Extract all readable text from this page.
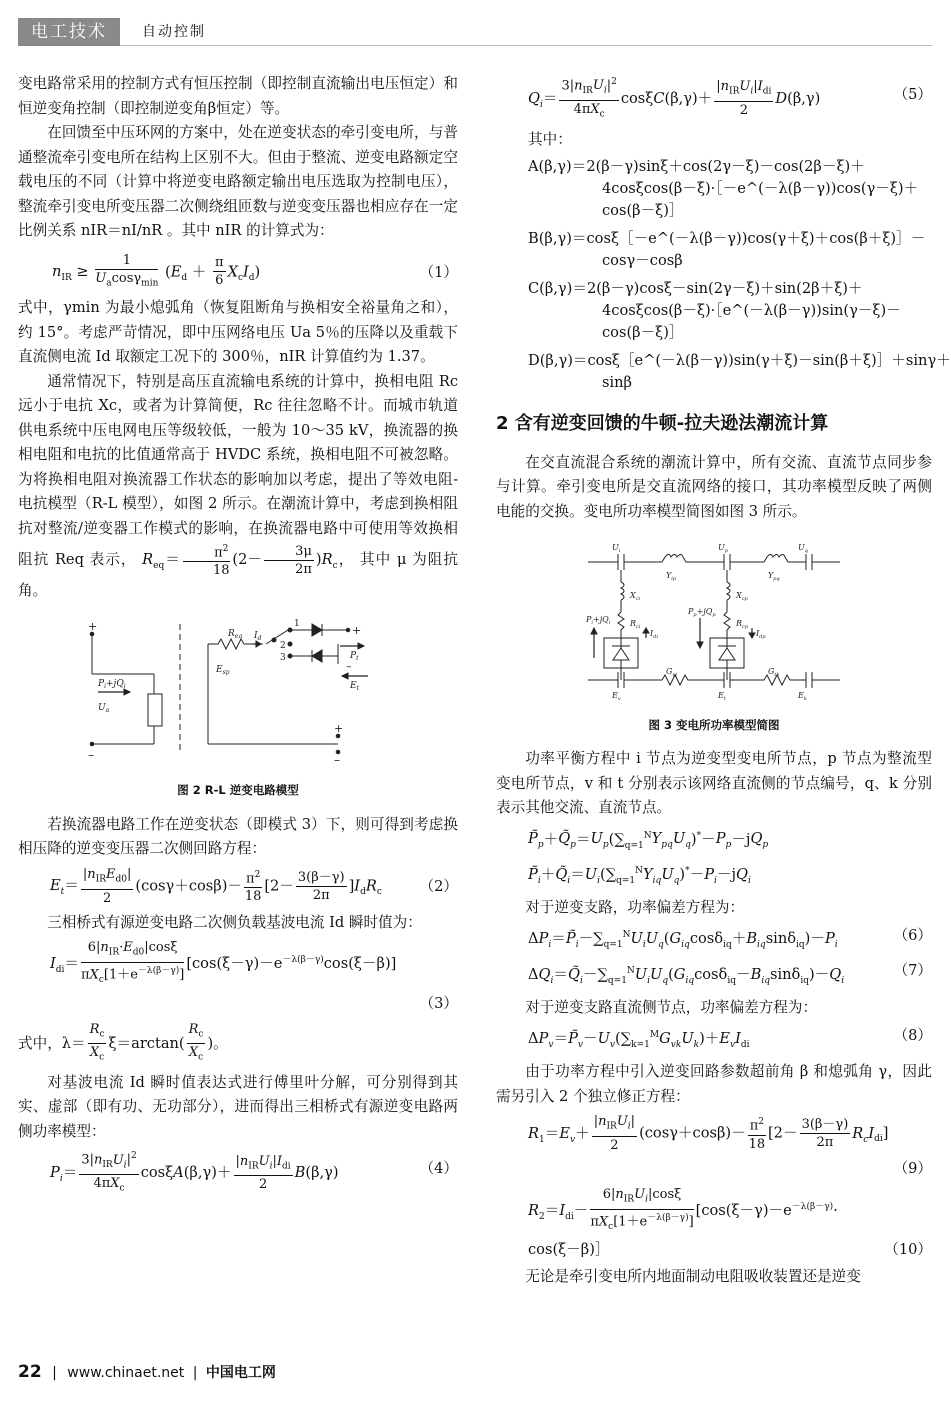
电工技术	自动控制

变电路常采用的控制方式有恒压控制（即控制直流输出电压恒定）和恒逆变角控制（即控制逆变角β恒定）等。

在回馈至中压环网的方案中，处在逆变状态的牵引变电所，与普通整流牵引变电所在结构上区别不大。但由于整流、逆变电路额定空载电压的不同（计算中将逆变电路额定输出电压选取为控制电压），整流牵引变电所变压器二次侧绕组匝数与逆变变压器也相应存在一定比例关系 nIR＝nI/nR 。其中 nIR 的计算式为：

$n_{IR} \ge \frac{1}{U_a\cos\gamma_{min}} (E_d + \frac{\pi}{6} X_cI_d)$	（1）

式中，γmin 为最小熄弧角（恢复阻断角与换相安全裕量角之和），约 15°。考虑严苛情况，即中压网络电压 Ua 5％的压降以及重载下直流侧电流 Id 取额定工况下的 300％，nIR 计算值约为 1.37。

通常情况下，特别是高压直流输电系统的计算中，换相电阻 Rc 远小于电抗 Xc，或者为计算简便，Rc 往往忽略不计。而城市轨道供电系统中压电网电压等级较低，一般为 10～35 kV，换流器的换相电阻和电抗的比值通常高于 HVDC 系统，换相电阻不可被忽略。为将换相电阻对换流器工作状态的影响加以考虑，提出了等效电阻-电抗模型（R-L 模型），如图 2 所示。在潮流计算中，考虑到换相阻抗对整流/逆变器工作模式的影响，在换流器电路中可使用等效换相阻抗 Req 表示， $R_{eq}= \frac{\pi^2}{18} (2- \frac{3\mu}{2\pi} )R_c$， 其中 μ 为阻抗角。

+
–
+
+
–
$P_i+jQ_i$
$U_a$
$E_{sp}$
$R_{eq}$ $I_d$
1
2
3	$P_t$
$E_t$
–
图 2 R-L 逆变电路模型

若换流器电路工作在逆变状态（即模式 3）下，则可得到考虑换相压降的逆变变压器二次侧回路方程：

$E_t= \frac{|n_{IR}E_{d0}|}{2} (\cos\gamma+\cos\beta)- \frac{\pi^2}{18} [2- \frac{3(\beta-\gamma)}{2\pi} ]I_dR_c$	（2）

三相桥式有源逆变电路二次侧负载基波电流 Id 瞬时值为：

$I_{di}= \frac{6|n_{IR}\cdot E_{d0}|\cos\xi}{\pi X_c[1+e^{-\lambda(\beta-\gamma)}]} [\cos(\xi-\gamma)-e^{-\lambda(\beta-\gamma)}\cos(\xi-\beta)]$
（3）

式中，$\lambda= \frac{R_c}{X_c} \xi=\arctan( \frac{R_c}{X_c}$ )。

对基波电流 Id 瞬时值表达式进行傅里叶分解，可分别得到其实、虚部（即有功、无功部分），进而得出三相桥式有源逆变电路两侧功率模型：

$P_i= \frac{3|n_{IR}U_i|^2}{4\pi X_c} \cos\xi A(\beta,\gamma)+ \frac{|n_{IR}U_i|I_{di}}{2} B(\beta,\gamma)$	（4）
$Q_i= \frac{3|n_{IR}U_i|^2}{4\pi X_c} \cos\xi C(\beta,\gamma)+ \frac{|n_{IR}U_i|I_{di}}{2} D(\beta,\gamma)$	（5）

其中：

A(β,γ)＝2(β－γ)sinξ＋cos(2γ－ξ)－cos(2β－ξ)＋
4cosξcos(β－ξ)·［－e^(－λ(β－γ))cos(γ－ξ)＋
cos(β－ξ)］
B(β,γ)＝cosξ［－e^(－λ(β－γ))cos(γ＋ξ)＋cos(β＋ξ)］－
cosγ－cosβ
C(β,γ)＝2(β－γ)cosξ－sin(2γ－ξ)＋sin(2β＋ξ)＋
4cosξcos(β－ξ)·［e^(－λ(β－γ))sin(γ－ξ)－
cos(β－ξ)］
D(β,γ)＝cosξ［e^(－λ(β－γ))sin(γ＋ξ)－sin(β＋ξ)］＋sinγ＋
sinβ
2 含有逆变回馈的牛顿-拉夫逊法潮流计算

在交直流混合系统的潮流计算中，所有交流、直流节点同步参与计算。牵引变电所是交直流网络的接口，其功率模型反映了两侧电能的交换。变电所功率模型简图如图 3 所示。

$U_i$	$U_p$	$U_q$
$Y_{ip}$	$Y_{pq}$
$X_{ci}$	$X_{cp}$
$R_{ci}$	$R_{cp}$
$P_i+jQ_i$
$P_p+jQ_p$
$I_{di}$	$I_{dp}$
$G_{vt}$	$G_{tk}$
$E_v$	$E_t$	$E_k$
图 3 变电所功率模型简图

功率平衡方程中 i 节点为逆变型变电所节点，p 节点为整流型变电所节点，v 和 t 分别表示该网络直流侧的节点编号，q、k 分别表示其他交流、直流节点。

$P̃_p+Q̃_p=U_p(\sum_{q=1}^NY_{pq}U_q)^*-P_p-jQ_p$
$P̃_i+Q̃_i=U_i(\sum_{q=1}^NY_{iq}U_q)^*-P_i-jQ_i$

对于逆变支路，功率偏差方程为：

$\Delta P_i=P̃_i-\sum_{q=1}^NU_iU_q(G_{iq}\cos\delta_{iq}+B_{iq}\sin\delta_{iq})-P_i$
（6）
$\Delta Q_i=Q̃_i-\sum_{q=1}^NU_iU_q(G_{iq}\cos\delta_{iq}-B_{iq}\sin\delta_{iq})-Q_i$
（7）

对于逆变支路直流侧节点，功率偏差方程为：

$\Delta P_v=P̃_v-U_v(\sum_{k=1}^MG_{vk}U_k)+E_vI_{di}$
（8）

由于功率方程中引入逆变回路参数超前角 β 和熄弧角 γ，因此需另引入 2 个独立修正方程：

$R_1=E_v+ \frac{|n_{IR}U_i|}{2} (\cos\gamma+\cos\beta)- \frac{\pi^2}{18} [2- \frac{3(\beta-\gamma)}{2\pi} R_cI_{di}]$
（9）
$R_2=I_{di}- \frac{6|n_{IR}U_i|\cos\xi}{\pi X_c[1+e^{-\lambda(\beta-\gamma)}]} [\cos(\xi-\gamma)-e^{-\lambda(\beta-\gamma)}\cdot$
cos(ξ－β)］	（10）

无论是牵引变电所内地面制动电阻吸收装置还是逆变

22 | www.chinaet.net | 中国电工网
